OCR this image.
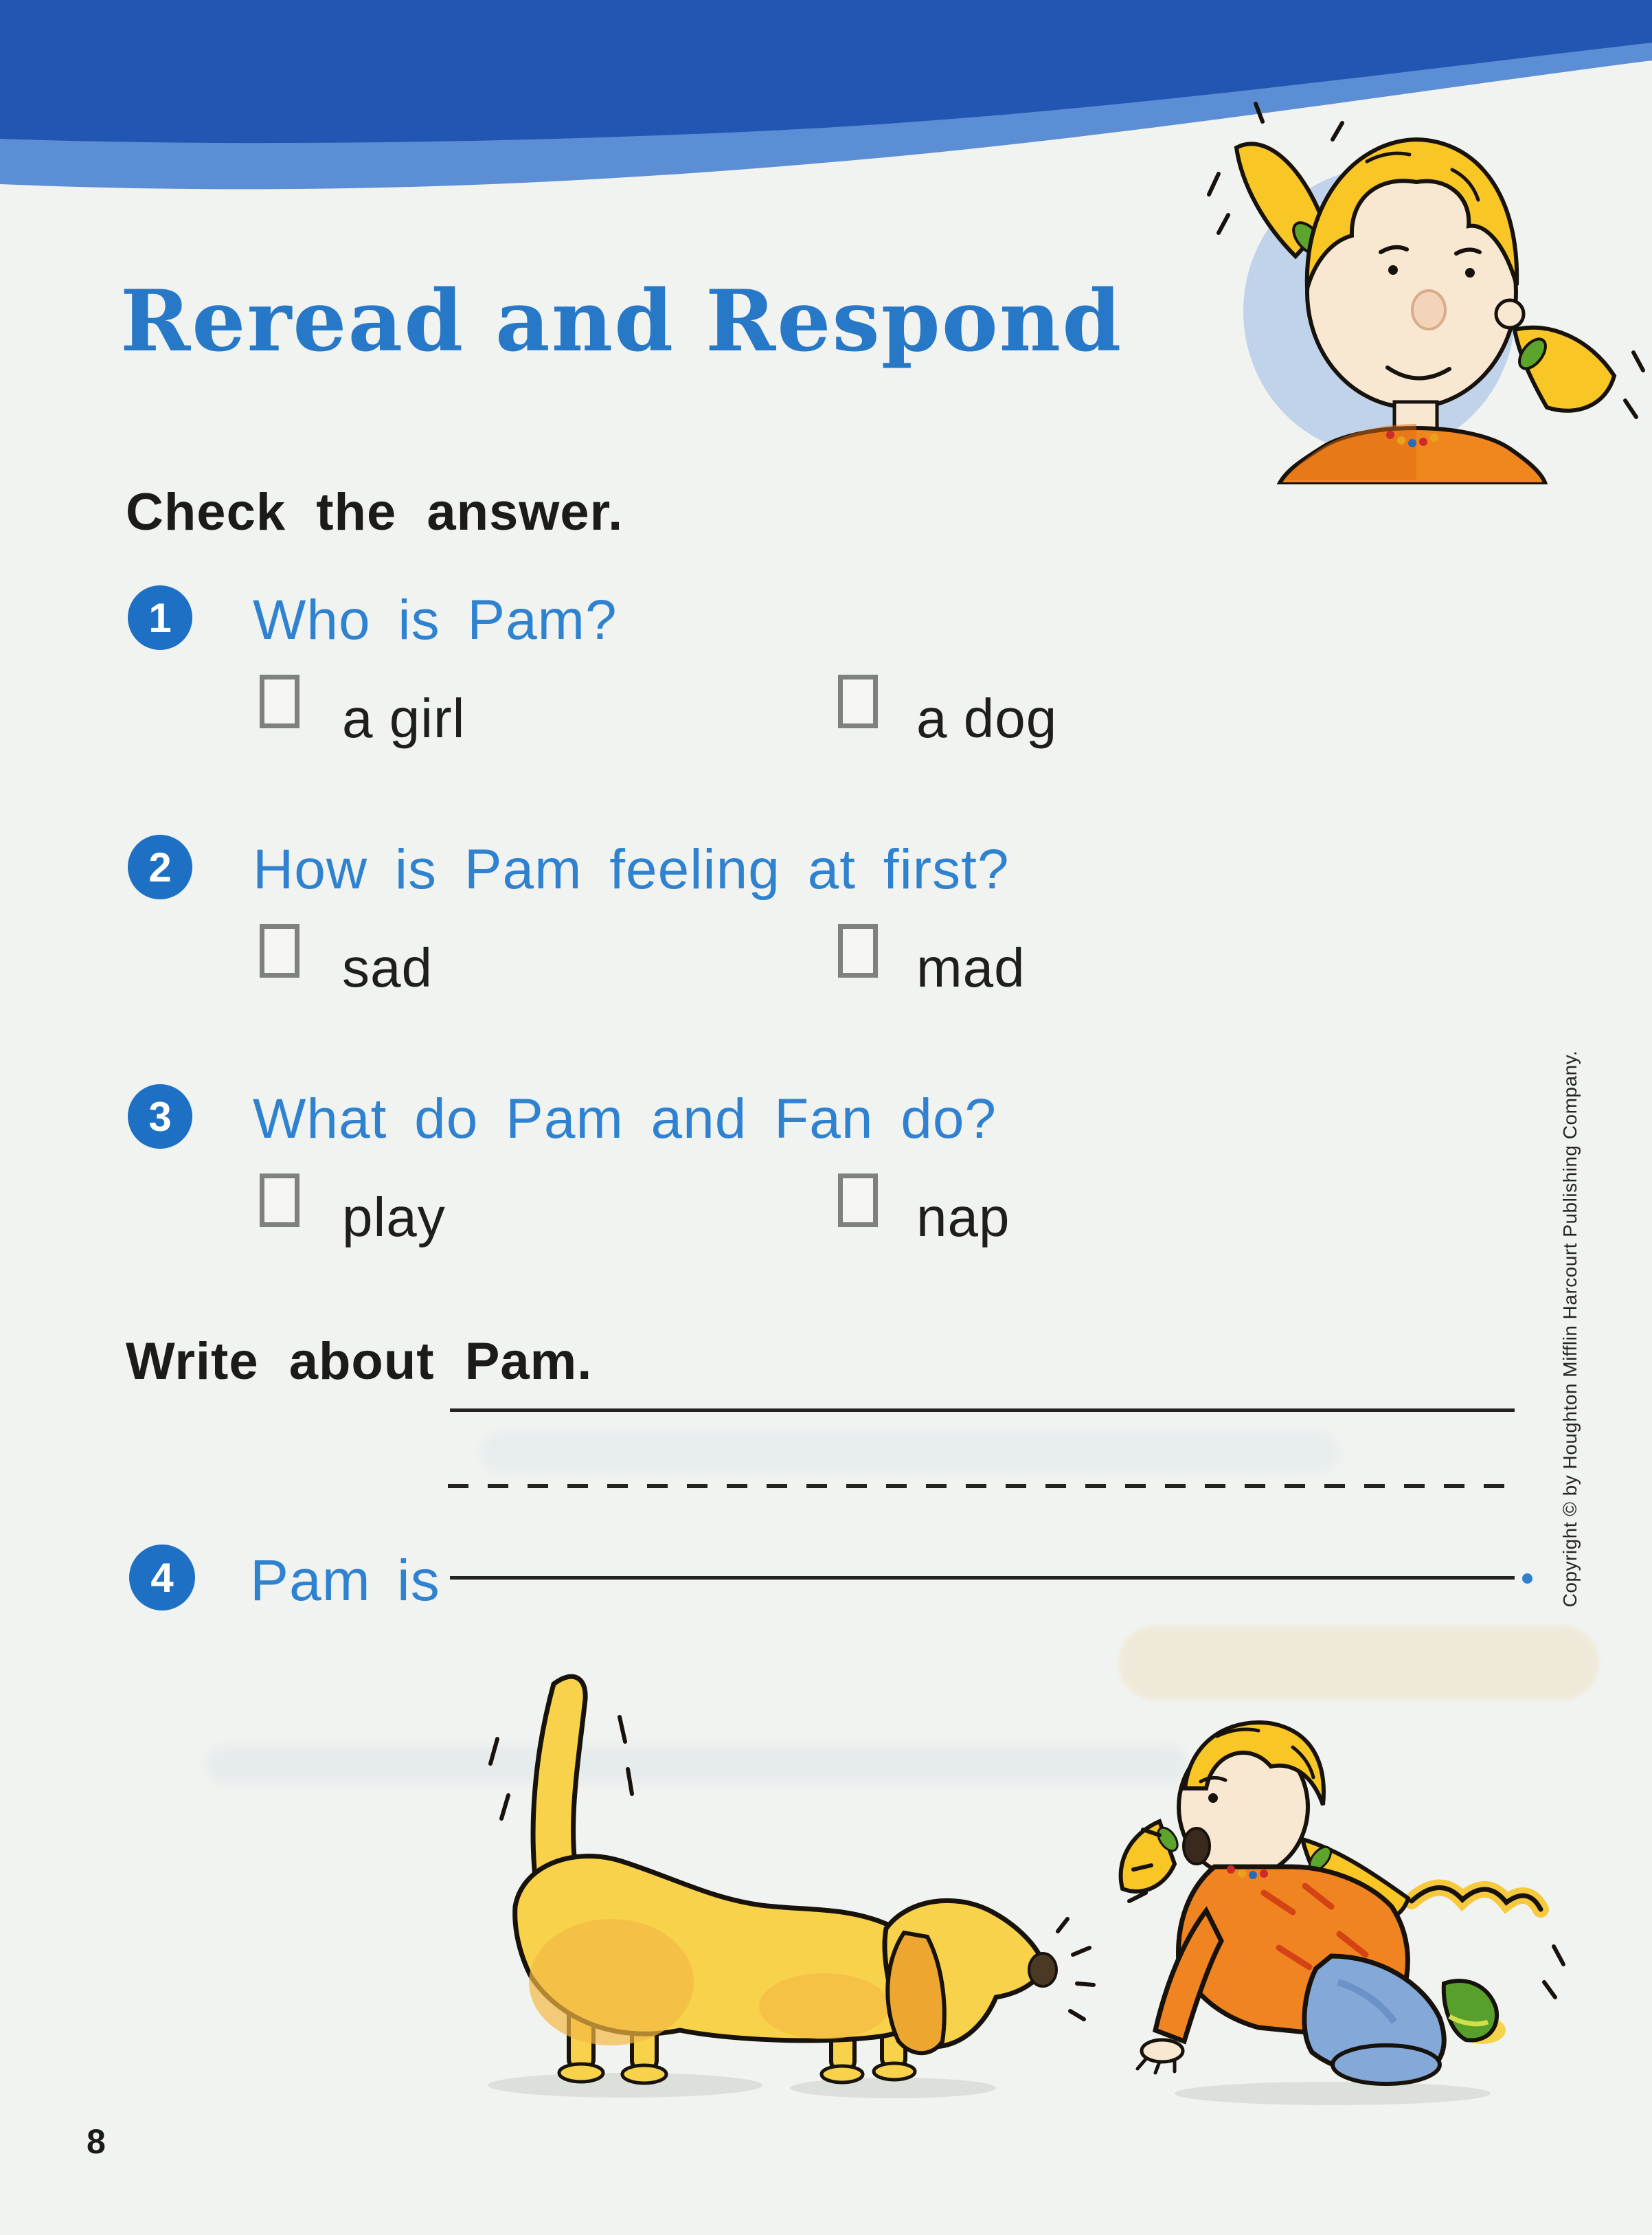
Reread and Respond
Check the answer.
1 Who is Pam?
a girl	a dog
2 How is Pam feeling at first?
sad	mad
3 What do Pam and Fan do?
play	nap
Write about Pam.
4 Pam is	Copyright © by Houghton Mifflin Harcourt Publishing Company.
8
